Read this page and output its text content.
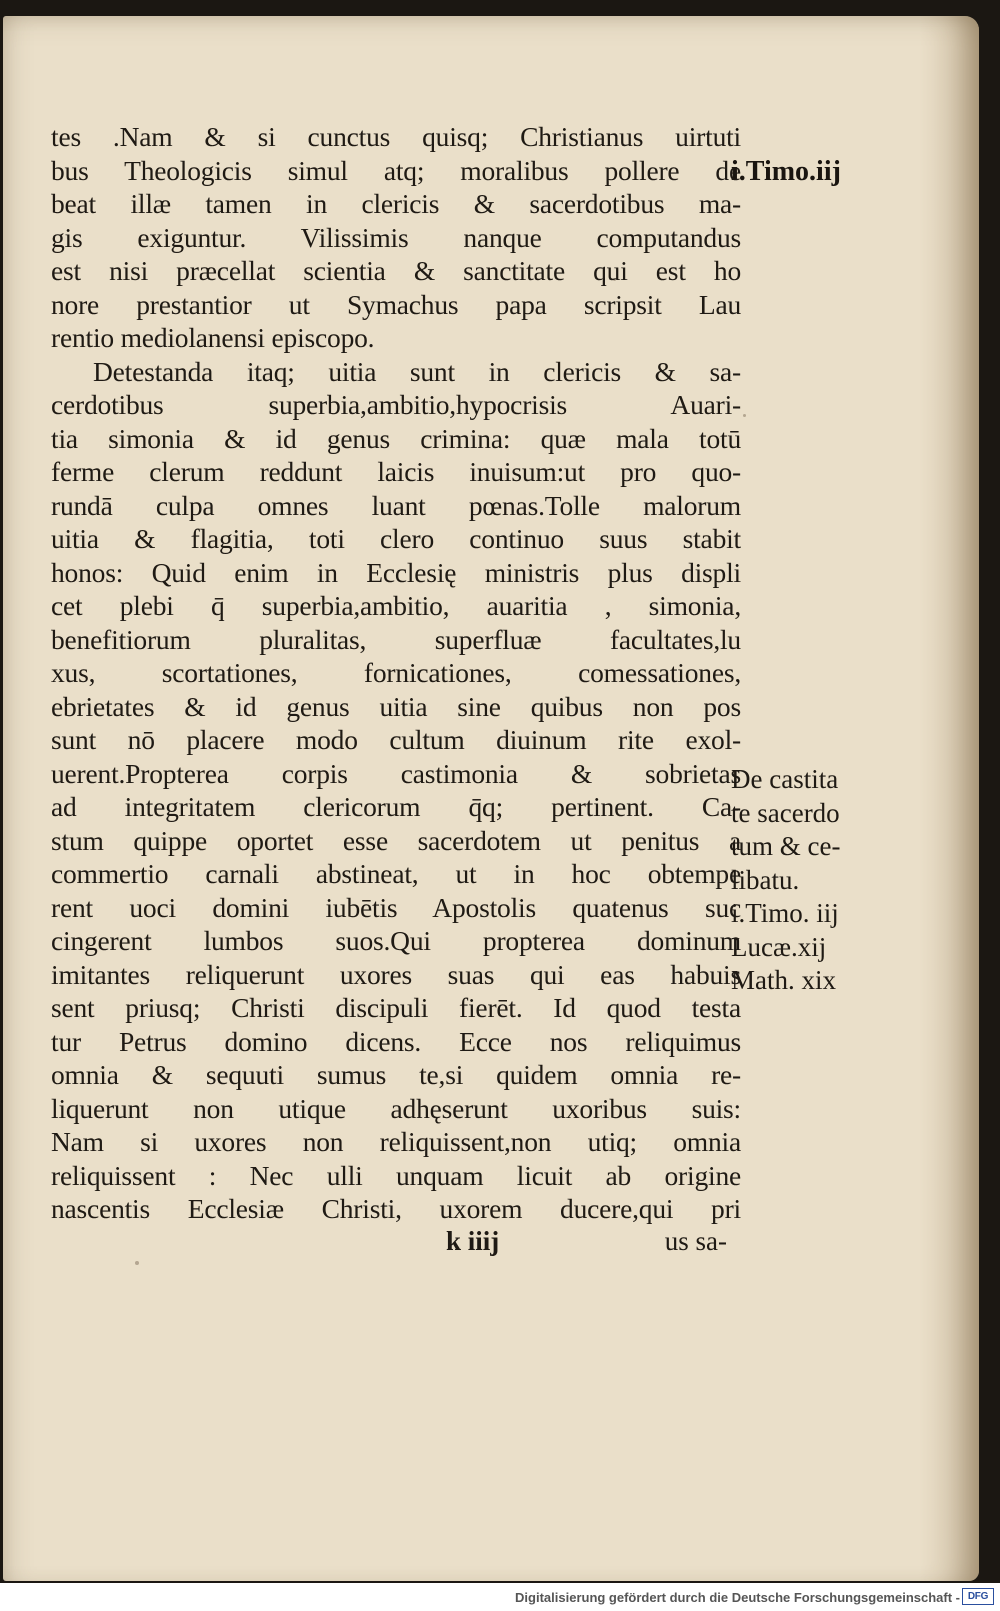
i.Timo.iij
tes .Nam & si cunctus quisq; Christianus uirtuti
bus Theologicis simul atq; moralibus pollere de
beat illæ tamen in clericis & sacerdotibus ma-
gis exiguntur. Vilissimis nanque computandus
est nisi præcellat scientia & sanctitate qui est ho
nore prestantior ut Symachus papa scripsit Lau
rentio mediolanensi episcopo.
Detestanda itaq; uitia sunt in clericis & sa-
cerdotibus superbia,ambitio,hypocrisis Auari-
tia simonia & id genus crimina: quæ mala totū
ferme clerum reddunt laicis inuisum:ut pro quo-
rundā culpa omnes luant pœnas.Tolle malorum
uitia & flagitia, toti clero continuo suus stabit
honos: Quid enim in Ecclesię ministris plus displi
cet plebi q̄ superbia,ambitio, auaritia , simonia,
benefitiorum pluralitas, superfluæ facultates,lu
xus, scortationes, fornicationes, comessationes,
ebrietates & id genus uitia sine quibus non pos
sunt nō placere modo cultum diuinum rite exol-
uerent.Propterea corpis castimonia & sobrietas
ad integritatem clericorum q̄q; pertinent. Ca-
stum quippe oportet esse sacerdotem ut penitus a
commertio carnali abstineat, ut in hoc obtempe
rent uoci domini iubētis Apostolis quatenus suc
cingerent lumbos suos.Qui propterea dominum
imitantes reliquerunt uxores suas qui eas habuis
sent priusq; Christi discipuli fierēt. Id quod testa
tur Petrus domino dicens. Ecce nos reliquimus
omnia & sequuti sumus te,si quidem omnia re-
liquerunt non utique adhęserunt uxoribus suis:
Nam si uxores non reliquissent,non utiq; omnia
reliquissent : Nec ulli unquam licuit ab origine
nascentis Ecclesiæ Christi, uxorem ducere,qui pri
De castita
te sacerdo
tum & ce-
libatu.
i.Timo. iij
Lucæ.xij
Math. xix
k iiij	us sa-
Digitalisierung gefördert durch die Deutsche Forschungsgemeinschaft - DFG
